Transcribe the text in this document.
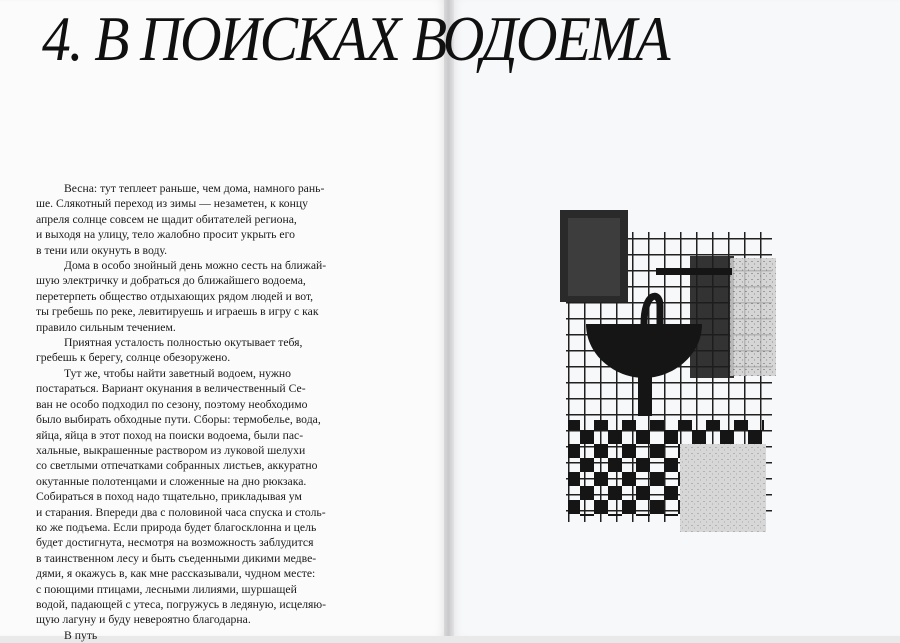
4. В ПОИСКАХ ВОДОЕМА
Весна: тут теплеет раньше, чем дома, намного рань-
ше. Слякотный переход из зимы — незаметен, к концу
апреля солнце совсем не щадит обитателей региона,
и выходя на улицу, тело жалобно просит укрыть его
в тени или окунуть в воду.
Дома в особо знойный день можно сесть на ближай-
шую электричку и добраться до ближайшего водоема,
перетерпеть общество отдыхающих рядом людей и вот,
ты гребешь по реке, левитируешь и играешь в игру с как
правило сильным течением.
Приятная усталость полностью окутывает тебя,
гребешь к берегу, солнце обезоружено.
Тут же, чтобы найти заветный водоем, нужно
постараться. Вариант окунания в величественный Се-
ван не особо подходил по сезону, поэтому необходимо
было выбирать обходные пути. Сборы: термобелье, вода,
яйца, яйца в этот поход на поиски водоема, были пас-
хальные, выкрашенные раствором из луковой шелухи
со светлыми отпечатками собранных листьев, аккуратно
окутанные полотенцами и сложенные на дно рюкзака.
Собираться в поход надо тщательно, прикладывая ум
и старания. Впереди два с половиной часа спуска и столь-
ко же подъема. Если природа будет благосклонна и цель
будет достигнута, несмотря на возможность заблудится
в таинственном лесу и быть съеденными дикими медве-
дями, я окажусь в, как мне рассказывали, чудном месте:
с поющими птицами, лесными лилиями, шуршащей
водой, падающей с утеса, погружусь в ледяную, исцеляю-
щую лагуну и буду невероятно благодарна.
В путь
